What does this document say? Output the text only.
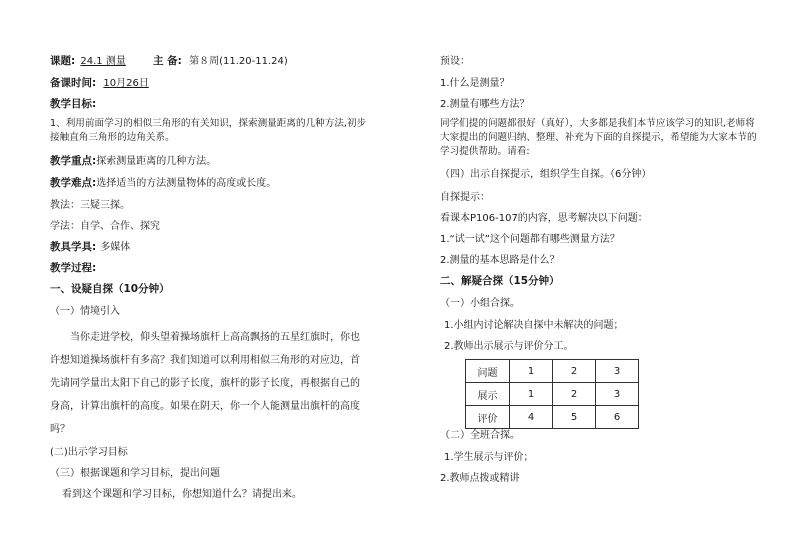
课题: 24.1 测量	主 备: 第８周(11.20-11.24)
备课时间: 10月26日
教学目标:
1、利用前面学习的相似三角形的有关知识，探索测量距离的几种方法,初步接触直角三角形的边角关系。
教学重点:探索测量距离的几种方法。
教学难点:选择适当的方法测量物体的高度或长度。
教法：三疑三探。
学法：自学、合作、探究
教具学具: 多媒体
教学过程:
一、设疑自探（10分钟）
（一）情境引入
当你走进学校，仰头望着操场旗杆上高高飘扬的五星红旗时，你也许想知道操场旗杆有多高？我们知道可以利用相似三角形的对应边，首先请同学量出太阳下自己的影子长度，旗杆的影子长度，再根据自己的身高，计算出旗杆的高度。如果在阴天，你一个人能测量出旗杆的高度吗？
(二)出示学习目标
（三）根据课题和学习目标，提出问题
看到这个课题和学习目标，你想知道什么？请提出来。
预设：
1.什么是测量？
2.测量有哪些方法？
同学们提的问题都很好（真好），大多都是我们本节应该学习的知识,老师将大家提出的问题归纳、整理、补充为下面的自探提示，希望能为大家本节的学习提供帮助。请看:
（四）出示自探提示，组织学生自探。（6分钟）
自探提示：
看课本P106-107的内容，思考解决以下问题：
1.“试一试”这个问题都有哪些测量方法？
2.测量的基本思路是什么？
二、解疑合探（15分钟）
（一）小组合探。
1.小组内讨论解决自探中未解决的问题；
2.教师出示展示与评价分工。
问题	1	2	3
展示	1	2	3
评价	4	5	6
（二）全班合探。
1.学生展示与评价；
2.教师点拨或精讲
